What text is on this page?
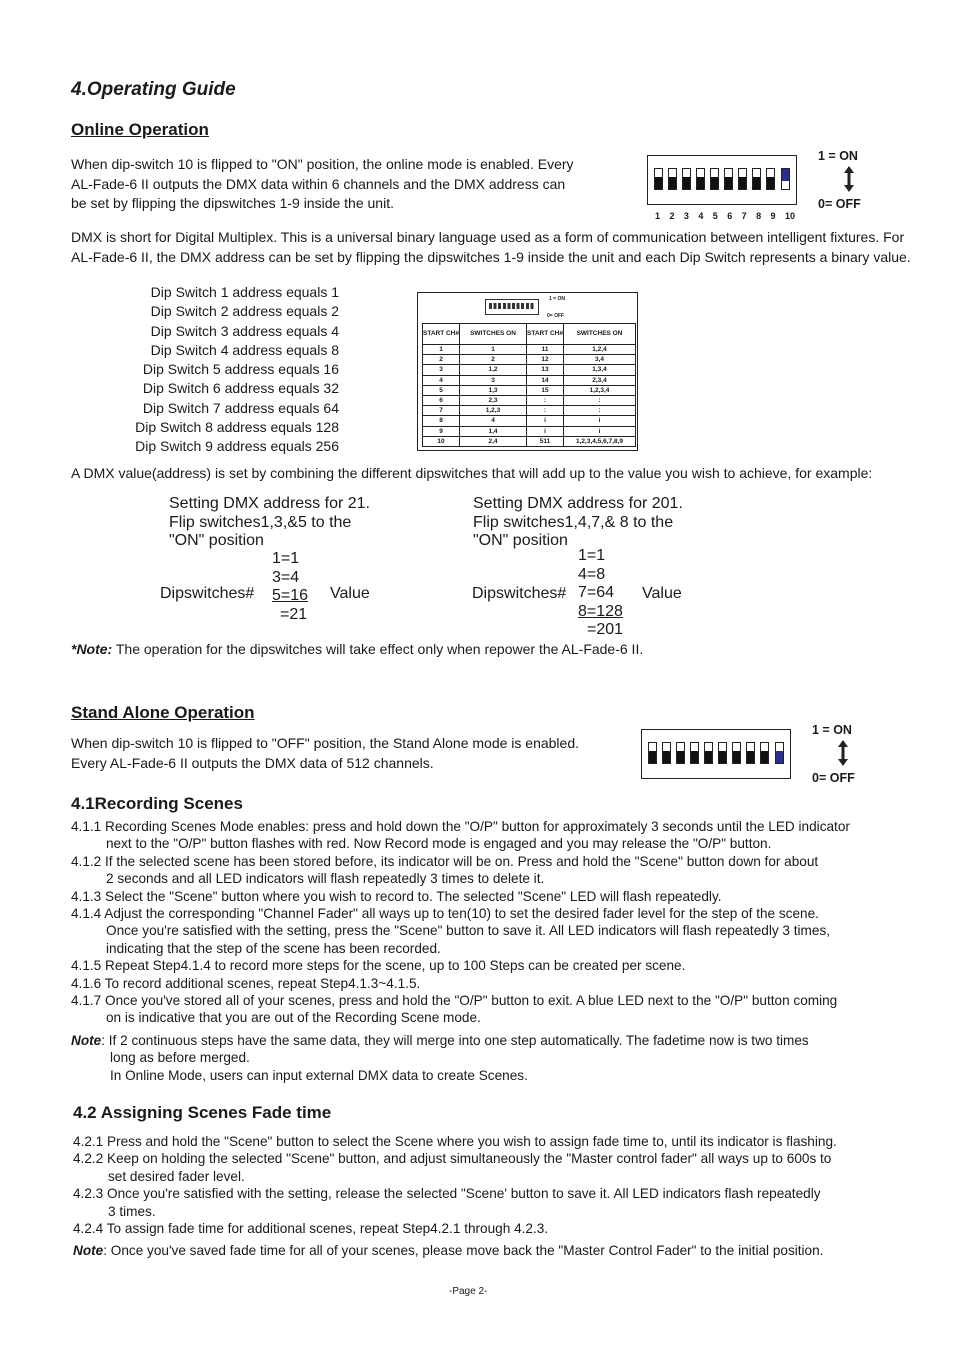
4.Operating Guide
Online Operation
When dip-switch 10 is flipped to "ON" position, the online mode is enabled. Every
AL-Fade-6 II outputs the DMX data within 6 channels and the DMX address can
be set by flipping the dipswitches 1-9 inside the unit.
1 2 3 4 5 6 7 8 9 10
1 = ON
0= OFF
DMX is short for Digital Multiplex. This is a universal binary language used as a form of communication between intelligent fixtures. For
AL-Fade-6 II, the DMX address can be set by flipping the dipswitches 1-9 inside the unit and each Dip Switch represents a binary value.
Dip Switch 1 address equals 1
Dip Switch 2 address equals 2
Dip Switch 3 address equals 4
Dip Switch 4 address equals 8
Dip Switch 5 address equals 16
Dip Switch 6 address equals 32
Dip Switch 7 address equals 64
Dip Switch 8 address equals 128
Dip Switch 9 address equals 256
1 = ON
0= OFF
START CH#	SWITCHES ON	START CH#	SWITCHES ON
1	1	11	1,2,4
2	2	12	3,4
3	1,2	13	1,3,4
4	3	14	2,3,4
5	1,3	15	1,2,3,4
6	2,3	:	:
7	1,2,3	:	:
8	4	i	i
9	1,4	i	i
10	2,4	511	1,2,3,4,5,6,7,8,9
A DMX value(address) is set by combining the different dipswitches that will add up to the value you wish to achieve, for example:
Setting DMX address for 21.
Flip switches1,3,&5 to the
"ON" position
1=1
3=4
5=16
=21
Dipswitches#	Value
Setting DMX address for 201.
Flip switches1,4,7,& 8 to the
"ON" position
1=1
4=8
7=64
8=128
=201
Dipswitches#	Value
*Note: The operation for the dipswitches will take effect only when repower the AL-Fade-6 II.
Stand Alone Operation
When dip-switch 10 is flipped to "OFF" position, the Stand Alone mode is enabled.
Every AL-Fade-6 II outputs the DMX data of 512 channels.
1 = ON
0= OFF
4.1Recording Scenes
4.1.1 Recording Scenes Mode enables: press and hold down the "O/P" button for approximately 3 seconds until the LED indicator
next to the "O/P" button flashes with red. Now Record mode is engaged and you may release the "O/P" button.
4.1.2 If the selected scene has been stored before, its indicator will be on. Press and hold the "Scene" button down for about
2 seconds and all LED indicators will flash repeatedly 3 times to delete it.
4.1.3 Select the "Scene" button where you wish to record to. The selected "Scene" LED will flash repeatedly.
4.1.4 Adjust the corresponding "Channel Fader" all ways up to ten(10) to set the desired fader level for the step of the scene.
Once you're satisfied with the setting, press the "Scene" button to save it. All LED indicators will flash repeatedly 3 times,
indicating that the step of the scene has been recorded.
4.1.5 Repeat Step4.1.4 to record more steps for the scene, up to 100 Steps can be created per scene.
4.1.6 To record additional scenes, repeat Step4.1.3~4.1.5.
4.1.7 Once you've stored all of your scenes, press and hold the "O/P" button to exit. A blue LED next to the "O/P" button coming
on is indicative that you are out of the Recording Scene mode.
Note: If 2 continuous steps have the same data, they will merge into one step automatically. The fadetime now is two times
long as before merged.
In Online Mode, users can input external DMX data to create Scenes.
4.2 Assigning Scenes Fade time
4.2.1 Press and hold the "Scene" button to select the Scene where you wish to assign fade time to, until its indicator is flashing.
4.2.2 Keep on holding the selected "Scene" button, and adjust simultaneously the "Master control fader" all ways up to 600s to
set desired fader level.
4.2.3 Once you're satisfied with the setting, release the selected "Scene' button to save it. All LED indicators flash repeatedly
3 times.
4.2.4 To assign fade time for additional scenes, repeat Step4.2.1 through 4.2.3.
Note: Once you've saved fade time for all of your scenes, please move back the "Master Control Fader" to the initial position.
-Page 2-
